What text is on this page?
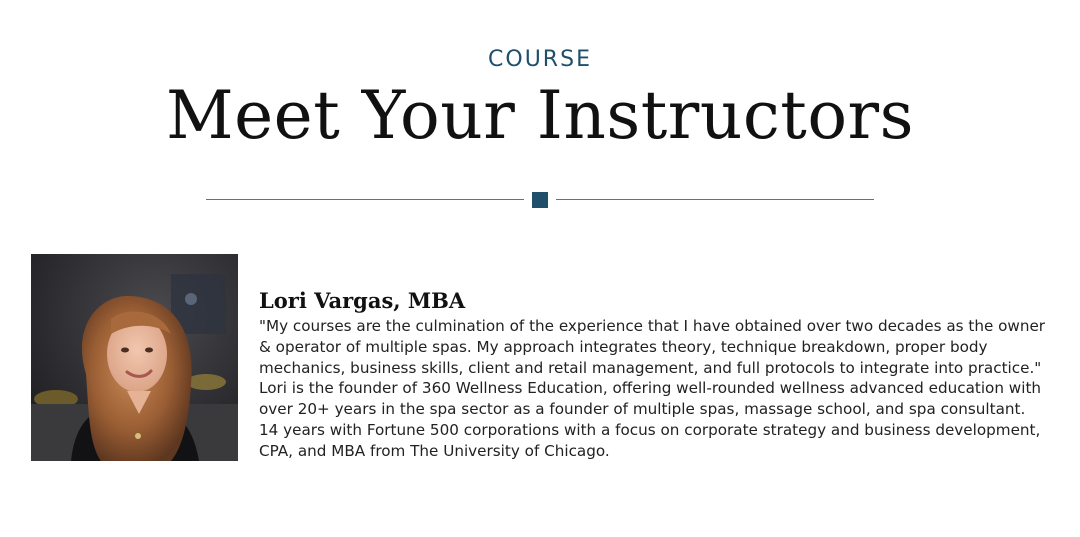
COURSE
Meet Your Instructors
Lori Vargas, MBA
"My courses are the culmination of the experience that I have obtained over two decades as the owner & operator of multiple spas. My approach integrates theory, technique breakdown, proper body mechanics, business skills, client and retail management, and full protocols to integrate into practice." Lori is the founder of 360 Wellness Education, offering well-rounded wellness advanced education with over 20+ years in the spa sector as a founder of multiple spas, massage school, and spa consultant. 14 years with Fortune 500 corporations with a focus on corporate strategy and business development, CPA, and MBA from The University of Chicago.
